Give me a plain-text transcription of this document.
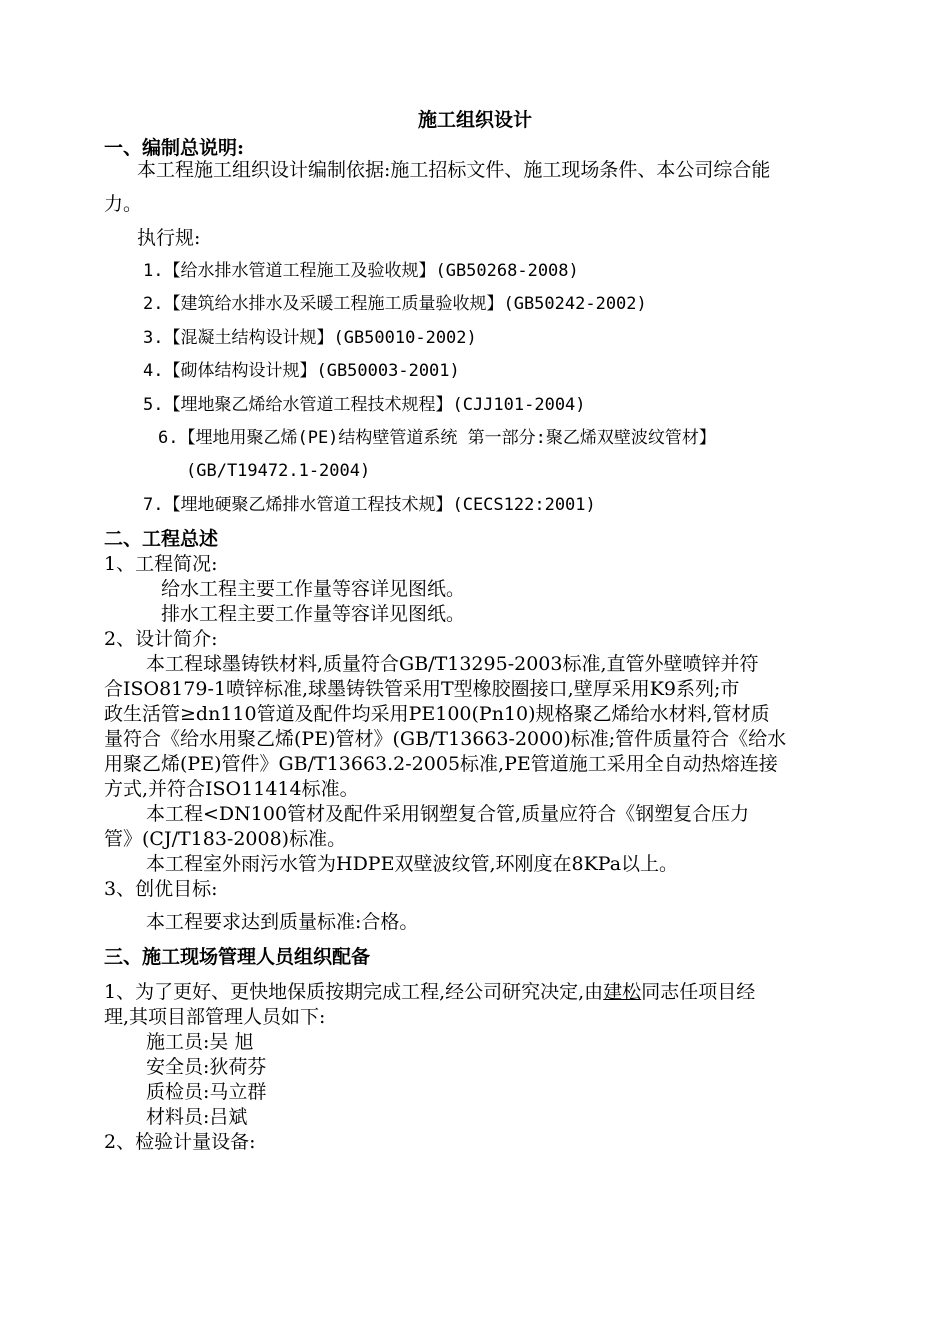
施工组织设计
一、编制总说明:
本工程施工组织设计编制依据:施工招标文件、施工现场条件、本公司综合能
力。
执行规:
1.【给水排水管道工程施工及验收规】(GB50268-2008)
2.【建筑给水排水及采暖工程施工质量验收规】(GB50242-2002)
3.【混凝土结构设计规】(GB50010-2002)
4.【砌体结构设计规】(GB50003-2001)
5.【埋地聚乙烯给水管道工程技术规程】(CJJ101-2004)
6.【埋地用聚乙烯(PE)结构壁管道系统 第一部分:聚乙烯双壁波纹管材】
(GB/T19472.1-2004)
7.【埋地硬聚乙烯排水管道工程技术规】(CECS122:2001)
二、工程总述
1、工程简况:
给水工程主要工作量等容详见图纸。
排水工程主要工作量等容详见图纸。
2、设计简介:
本工程球墨铸铁材料,质量符合GB/T13295-2003标准,直管外壁喷锌并符
合ISO8179-1喷锌标准,球墨铸铁管采用T型橡胶圈接口,壁厚采用K9系列;市
政生活管≥dn110管道及配件均采用PE100(Pn10)规格聚乙烯给水材料,管材质
量符合《给水用聚乙烯(PE)管材》(GB/T13663-2000)标准;管件质量符合《给水
用聚乙烯(PE)管件》GB/T13663.2-2005标准,PE管道施工采用全自动热熔连接
方式,并符合ISO11414标准。
本工程<DN100管材及配件采用钢塑复合管,质量应符合《钢塑复合压力
管》(CJ/T183-2008)标准。
本工程室外雨污水管为HDPE双壁波纹管,环刚度在8KPa以上。
3、创优目标:
本工程要求达到质量标准:合格。
三、施工现场管理人员组织配备
1、为了更好、更快地保质按期完成工程,经公司研究决定,由建松同志任项目经
理,其项目部管理人员如下:
施工员:吴 旭
安全员:狄荷芬
质检员:马立群
材料员:吕斌
2、检验计量设备:
